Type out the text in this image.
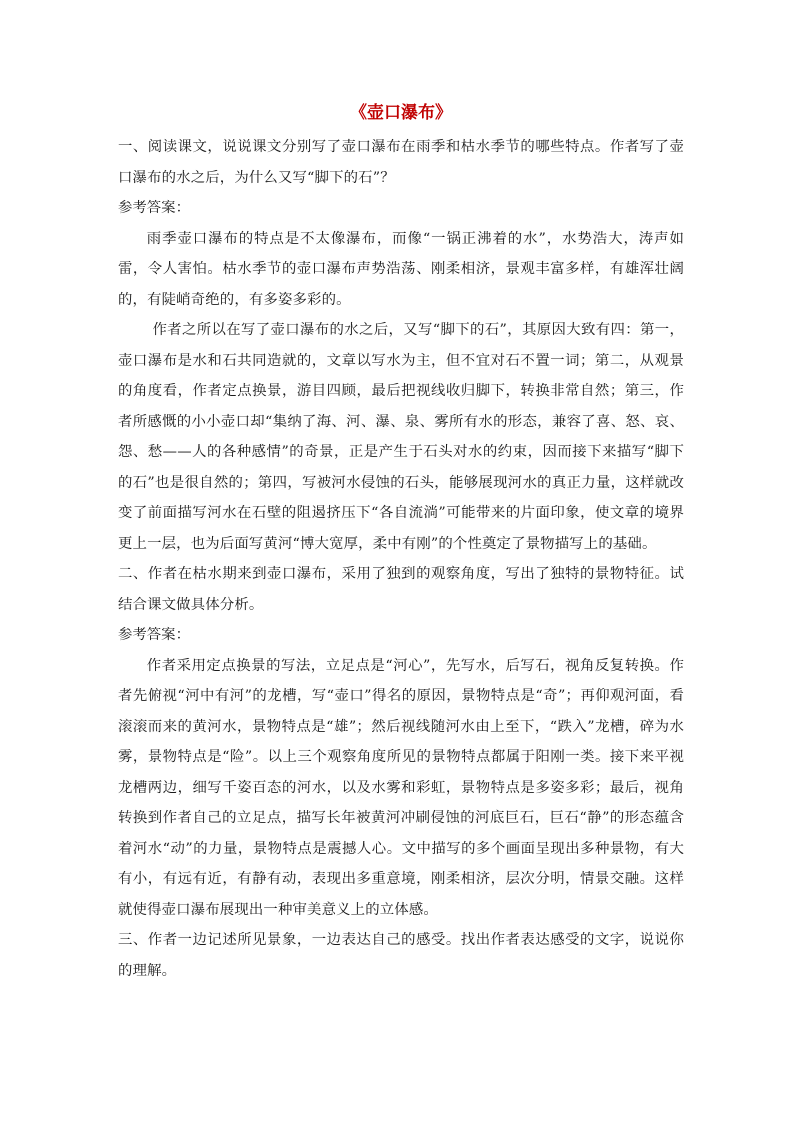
《壶口瀑布》

一、阅读课文，说说课文分别写了壶口瀑布在雨季和枯水季节的哪些特点。作者写了壶口瀑布的水之后，为什么又写“脚下的石”？

参考答案：

雨季壶口瀑布的特点是不太像瀑布，而像“一锅正沸着的水”，水势浩大，涛声如雷，令人害怕。枯水季节的壶口瀑布声势浩荡、刚柔相济，景观丰富多样，有雄浑壮阔的，有陡峭奇绝的，有多姿多彩的。

作者之所以在写了壶口瀑布的水之后，又写“脚下的石”，其原因大致有四：第一，壶口瀑布是水和石共同造就的，文章以写水为主，但不宜对石不置一词；第二，从观景的角度看，作者定点换景，游目四顾，最后把视线收归脚下，转换非常自然；第三，作者所感慨的小小壶口却“集纳了海、河、瀑、泉、雾所有水的形态，兼容了喜、怒、哀、怨、愁——人的各种感情”的奇景，正是产生于石头对水的约束，因而接下来描写“脚下的石”也是很自然的；第四，写被河水侵蚀的石头，能够展现河水的真正力量，这样就改变了前面描写河水在石壁的阻遏挤压下“各自流淌”可能带来的片面印象，使文章的境界更上一层，也为后面写黄河“博大宽厚，柔中有刚”的个性奠定了景物描写上的基础。

二、作者在枯水期来到壶口瀑布，采用了独到的观察角度，写出了独特的景物特征。试结合课文做具体分析。

参考答案：

作者采用定点换景的写法，立足点是“河心”，先写水，后写石，视角反复转换。作者先俯视“河中有河”的龙槽，写“壶口”得名的原因，景物特点是“奇”；再仰观河面，看滚滚而来的黄河水，景物特点是“雄”；然后视线随河水由上至下，“跌入”龙槽，碎为水雾，景物特点是“险”。以上三个观察角度所见的景物特点都属于阳刚一类。接下来平视龙槽两边，细写千姿百态的河水，以及水雾和彩虹，景物特点是多姿多彩；最后，视角转换到作者自己的立足点，描写长年被黄河冲刷侵蚀的河底巨石，巨石“静”的形态蕴含着河水“动”的力量，景物特点是震撼人心。文中描写的多个画面呈现出多种景物，有大有小，有远有近，有静有动，表现出多重意境，刚柔相济，层次分明，情景交融。这样就使得壶口瀑布展现出一种审美意义上的立体感。

三、作者一边记述所见景象，一边表达自己的感受。找出作者表达感受的文字，说说你的理解。
